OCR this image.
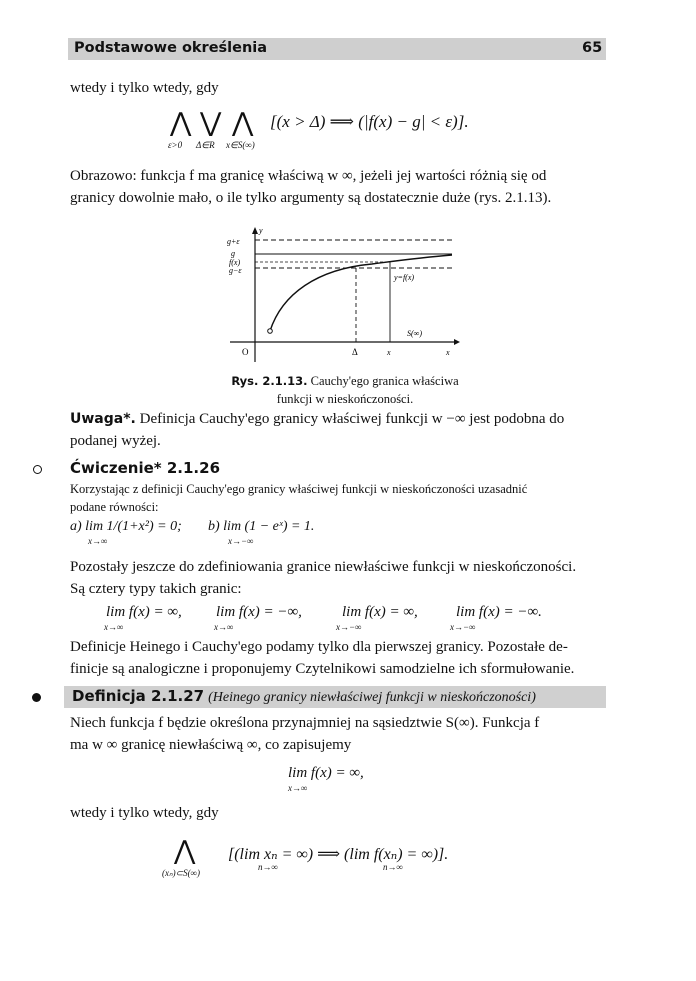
Podstawowe określenia	65
wtedy i tylko wtedy, gdy
⋀ ⋁ ⋀
ε>0 Δ∈R x∈S(∞)
[(x > Δ) ⟹ (|f(x) − g| < ε)].
Obrazowo: funkcja f ma granicę właściwą w ∞, jeżeli jej wartości różnią się od
granicy dowolnie mało, o ile tylko argumenty są dostatecznie duże (rys. 2.1.13).
g+ε
g
f(x)
g−ε
y
y=f(x)
S(∞)
O	Δ	x	x
Rys. 2.1.13. Cauchy'ego granica właściwa
funkcji w nieskończoności.
Uwaga*. Definicja Cauchy'ego granicy właściwej funkcji w −∞ jest podobna do
podanej wyżej.
Ćwiczenie* 2.1.26
Korzystając z definicji Cauchy'ego granicy właściwej funkcji w nieskończoności uzasadnić
podane równości:
a) lim 1/(1+x²) = 0;
x→∞
b) lim (1 − eˣ) = 1.
x→−∞
Pozostały jeszcze do zdefiniowania granice niewłaściwe funkcji w nieskończoności.
Są cztery typy takich granic:
lim f(x) = ∞,
x→∞
lim f(x) = −∞,
x→∞
lim f(x) = ∞,
x→−∞
lim f(x) = −∞.
x→−∞
Definicje Heinego i Cauchy'ego podamy tylko dla pierwszej granicy. Pozostałe de-
finicje są analogiczne i proponujemy Czytelnikowi samodzielne ich sformułowanie.
Definicja 2.1.27 (Heinego granicy niewłaściwej funkcji w nieskończoności)
Niech funkcja f będzie określona przynajmniej na sąsiedztwie S(∞). Funkcja f
ma w ∞ granicę niewłaściwą ∞, co zapisujemy
lim f(x) = ∞,
x→∞
wtedy i tylko wtedy, gdy
⋀
(xₙ)⊂S(∞)
[(lim xₙ = ∞) ⟹ (lim f(xₙ) = ∞)].
n→∞	n→∞
